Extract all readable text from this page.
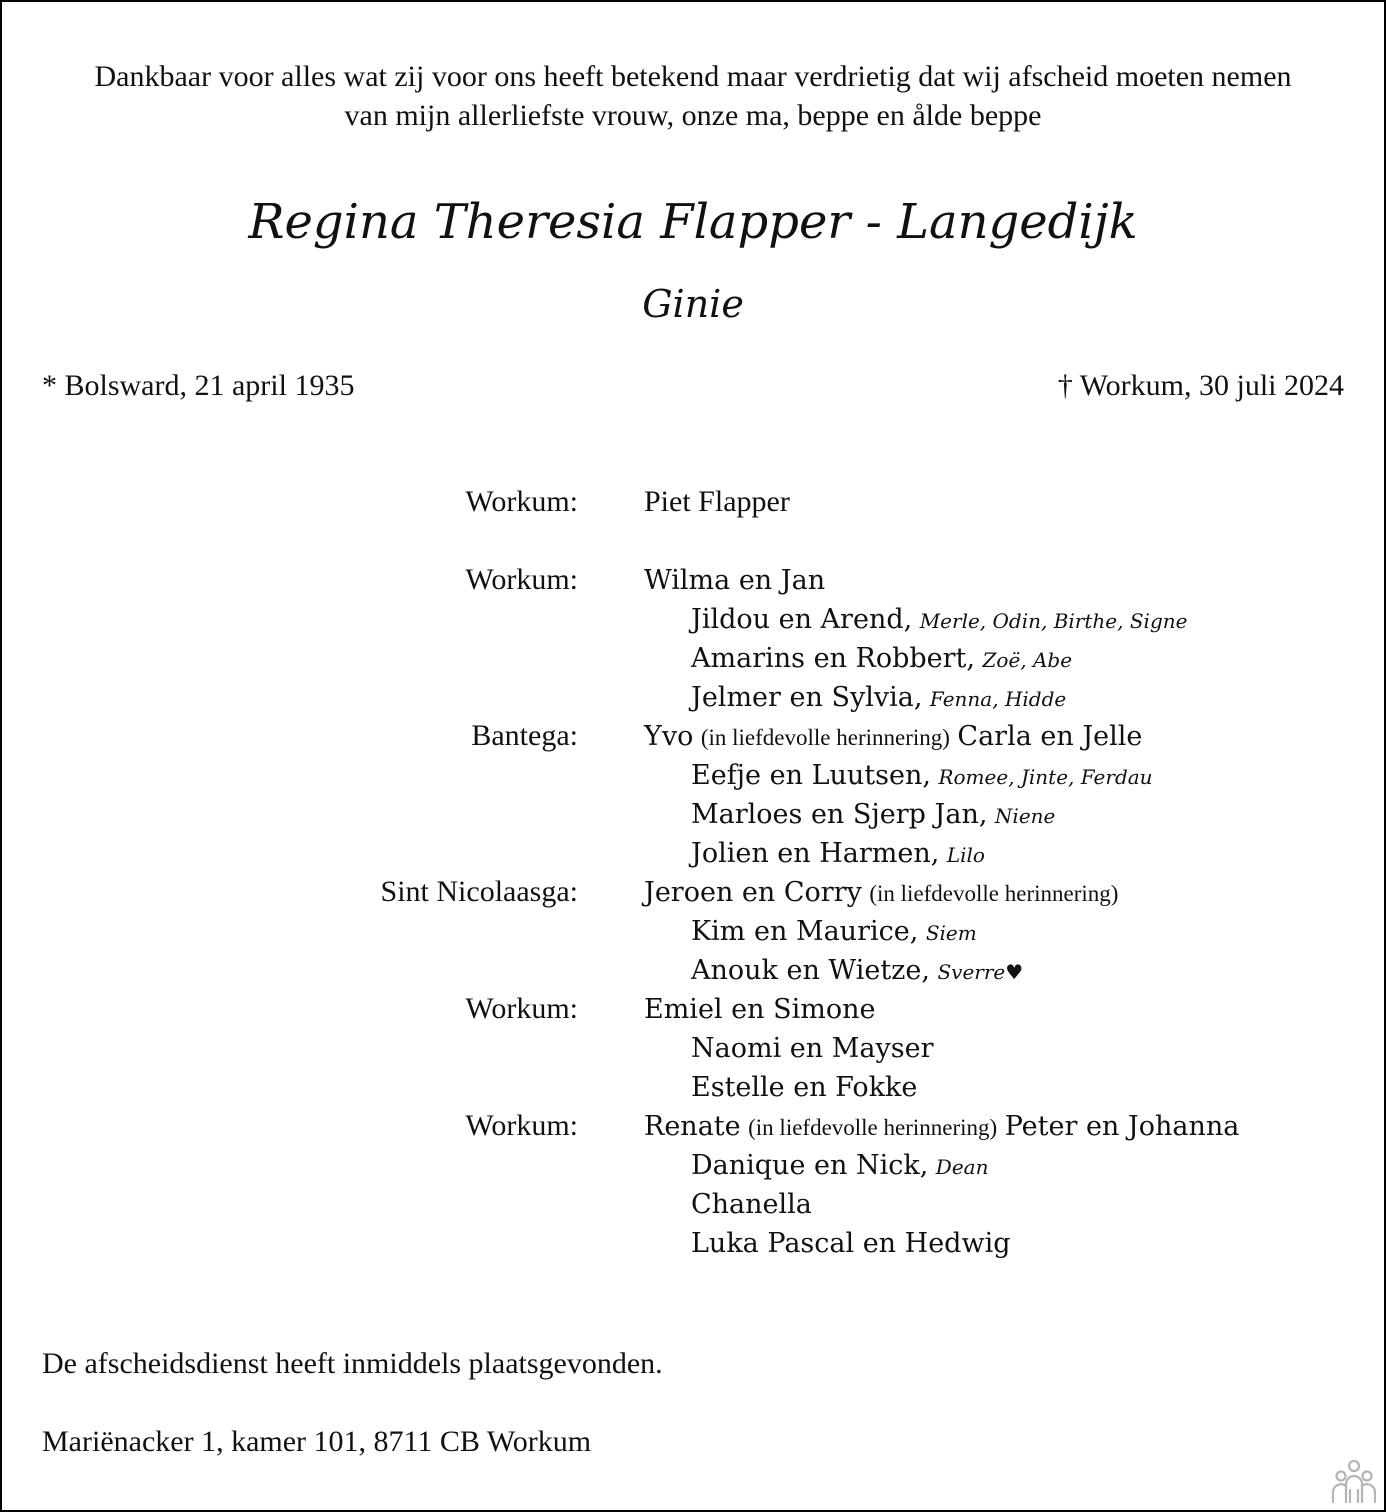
Dankbaar voor alles wat zij voor ons heeft betekend maar verdrietig dat wij afscheid moeten nemen
van mijn allerliefste vrouw, onze ma, beppe en ålde beppe
Regina Theresia Flapper - Langedijk
Ginie
* Bolsward, 21 april 1935	† Workum, 30 juli 2024
Workum: Piet Flapper
Workum: Wilma en Jan
Jildou en Arend, Merle, Odin, Birthe, Signe
Amarins en Robbert, Zoë, Abe
Jelmer en Sylvia, Fenna, Hidde
Bantega: Yvo (in liefdevolle herinnering) Carla en Jelle
Eefje en Luutsen, Romee, Jinte, Ferdau
Marloes en Sjerp Jan, Niene
Jolien en Harmen, Lilo
Sint Nicolaasga: Jeroen en Corry (in liefdevolle herinnering)
Kim en Maurice, Siem
Anouk en Wietze, Sverre♥
Workum: Emiel en Simone
Naomi en Mayser
Estelle en Fokke
Workum: Renate (in liefdevolle herinnering) Peter en Johanna
Danique en Nick, Dean
Chanella
Luka Pascal en Hedwig
De afscheidsdienst heeft inmiddels plaatsgevonden.
Mariënacker 1, kamer 101, 8711 CB Workum
